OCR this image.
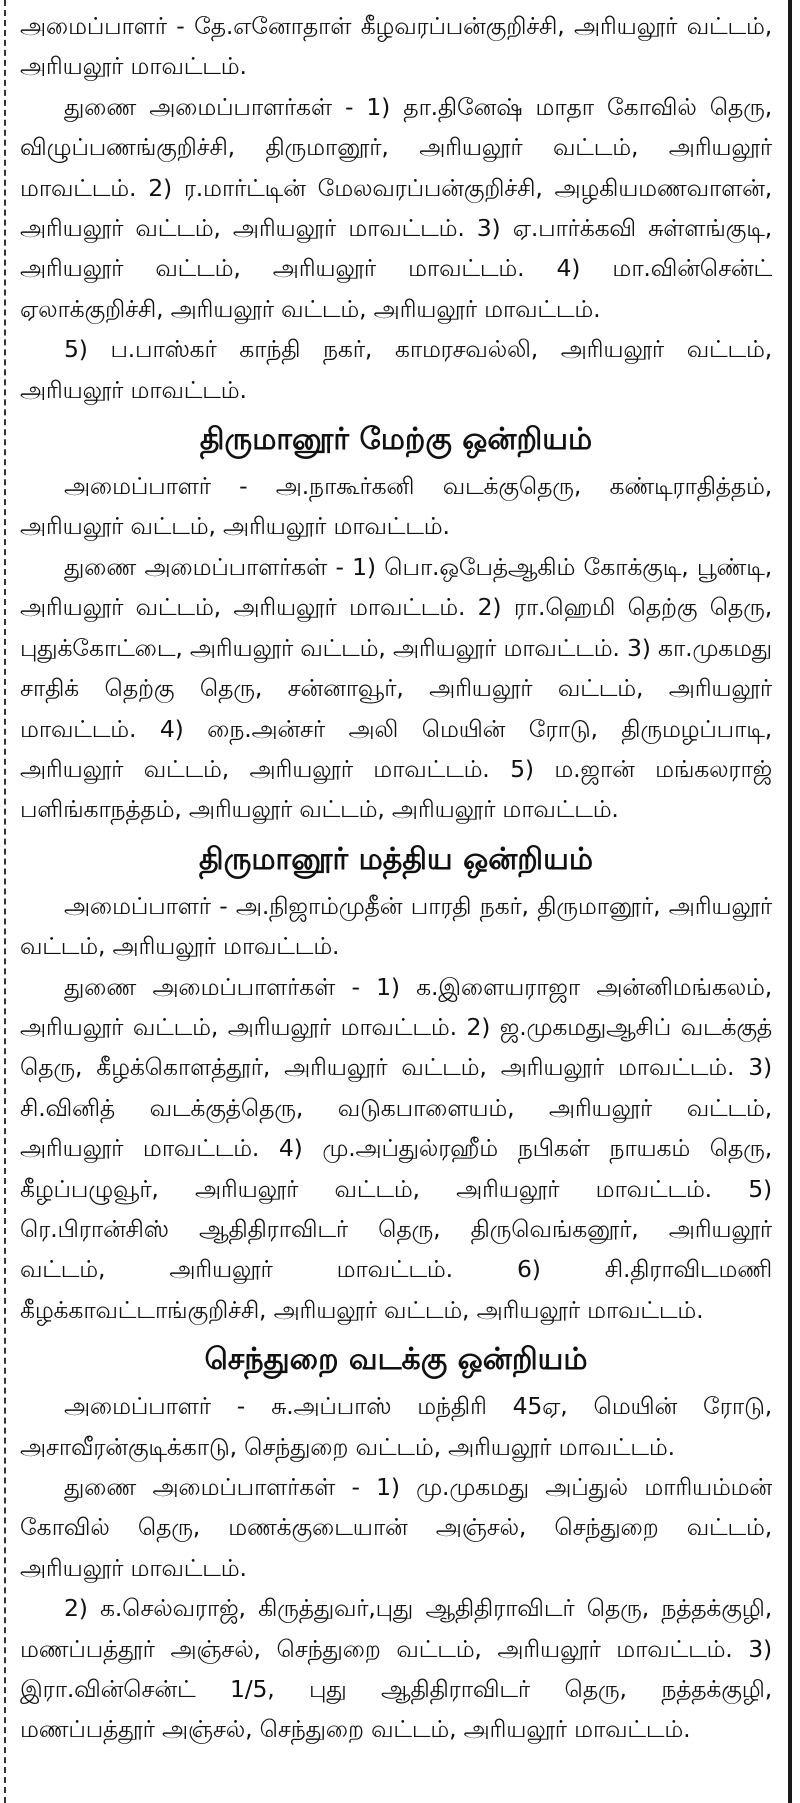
அமைப்பாளர் - தே.எனோதாள் கீழவரப்பன்குறிச்சி, அரியலூர் வட்டம், அரியலூர் மாவட்டம்.

துணை அமைப்பாளர்கள் - 1) தா.தினேஷ் மாதா கோவில் தெரு, விழுப்பணங்குறிச்சி, திருமானூர், அரியலூர் வட்டம், அரியலூர் மாவட்டம். 2) ர.மார்ட்டின் மேலவரப்பன்குறிச்சி, அழகியமணவாளன், அரியலூர் வட்டம், அரியலூர் மாவட்டம். 3) ஏ.பார்க்கவி சுள்ளங்குடி, அரியலூர் வட்டம், அரியலூர் மாவட்டம். 4) மா.வின்சென்ட் ஏலாக்குறிச்சி, அரியலூர் வட்டம், அரியலூர் மாவட்டம்.

5) ப.பாஸ்கர் காந்தி நகர், காமரசவல்லி, அரியலூர் வட்டம், அரியலூர் மாவட்டம்.

திருமானூர் மேற்கு ஒன்றியம்

அமைப்பாளர் - அ.நாகூர்கனி வடக்குதெரு, கண்டிராதித்தம், அரியலூர் வட்டம், அரியலூர் மாவட்டம்.

துணை அமைப்பாளர்கள் - 1) பொ.ஒபேத்ஆகிம் கோக்குடி, பூண்டி, அரியலூர் வட்டம், அரியலூர் மாவட்டம். 2) ரா.ஹெமி தெற்கு தெரு, புதுக்கோட்டை, அரியலூர் வட்டம், அரியலூர் மாவட்டம். 3) கா.முகமது சாதிக் தெற்கு தெரு, சன்னாவூர், அரியலூர் வட்டம், அரியலூர் மாவட்டம். 4) நை.அன்சர் அலி மெயின் ரோடு, திருமழப்பாடி, அரியலூர் வட்டம், அரியலூர் மாவட்டம். 5) ம.ஜான் மங்கலராஜ் பளிங்காநத்தம், அரியலூர் வட்டம், அரியலூர் மாவட்டம்.

திருமானூர் மத்திய ஒன்றியம்

அமைப்பாளர் - அ.நிஜாம்முதீன் பாரதி நகர், திருமானூர், அரியலூர் வட்டம், அரியலூர் மாவட்டம்.

துணை அமைப்பாளர்கள் - 1) க.இளையராஜா அன்னிமங்கலம், அரியலூர் வட்டம், அரியலூர் மாவட்டம். 2) ஜ.முகமதுஆசிப் வடக்குத் தெரு, கீழக்கொளத்தூர், அரியலூர் வட்டம், அரியலூர் மாவட்டம். 3) சி.வினித் வடக்குத்தெரு, வடுகபாளையம், அரியலூர் வட்டம், அரியலூர் மாவட்டம். 4) மு.அப்துல்ரஹீம் நபிகள் நாயகம் தெரு, கீழப்பழுவூர், அரியலூர் வட்டம், அரியலூர் மாவட்டம். 5) ரெ.பிரான்சிஸ் ஆதிதிராவிடர் தெரு, திருவெங்கனூர், அரியலூர் வட்டம், அரியலூர் மாவட்டம். 6) சி.திராவிடமணி கீழக்காவட்டாங்குறிச்சி, அரியலூர் வட்டம், அரியலூர் மாவட்டம்.

செந்துறை வடக்கு ஒன்றியம்

அமைப்பாளர் - சு.அப்பாஸ் மந்திரி 45ஏ, மெயின் ரோடு, அசாவீரன்குடிக்காடு, செந்துறை வட்டம், அரியலூர் மாவட்டம்.

துணை அமைப்பாளர்கள் - 1) மு.முகமது அப்துல் மாரியம்மன் கோவில் தெரு, மணக்குடையான் அஞ்சல், செந்துறை வட்டம், அரியலூர் மாவட்டம்.

2) க.செல்வராஜ், கிருத்துவர்,புது ஆதிதிராவிடர் தெரு, நத்தக்குழி, மணப்பத்தூர் அஞ்சல், செந்துறை வட்டம், அரியலூர் மாவட்டம். 3) இரா.வின்சென்ட் 1/5, புது ஆதிதிராவிடர் தெரு, நத்தக்குழி, மணப்பத்தூர் அஞ்சல், செந்துறை வட்டம், அரியலூர் மாவட்டம்.
